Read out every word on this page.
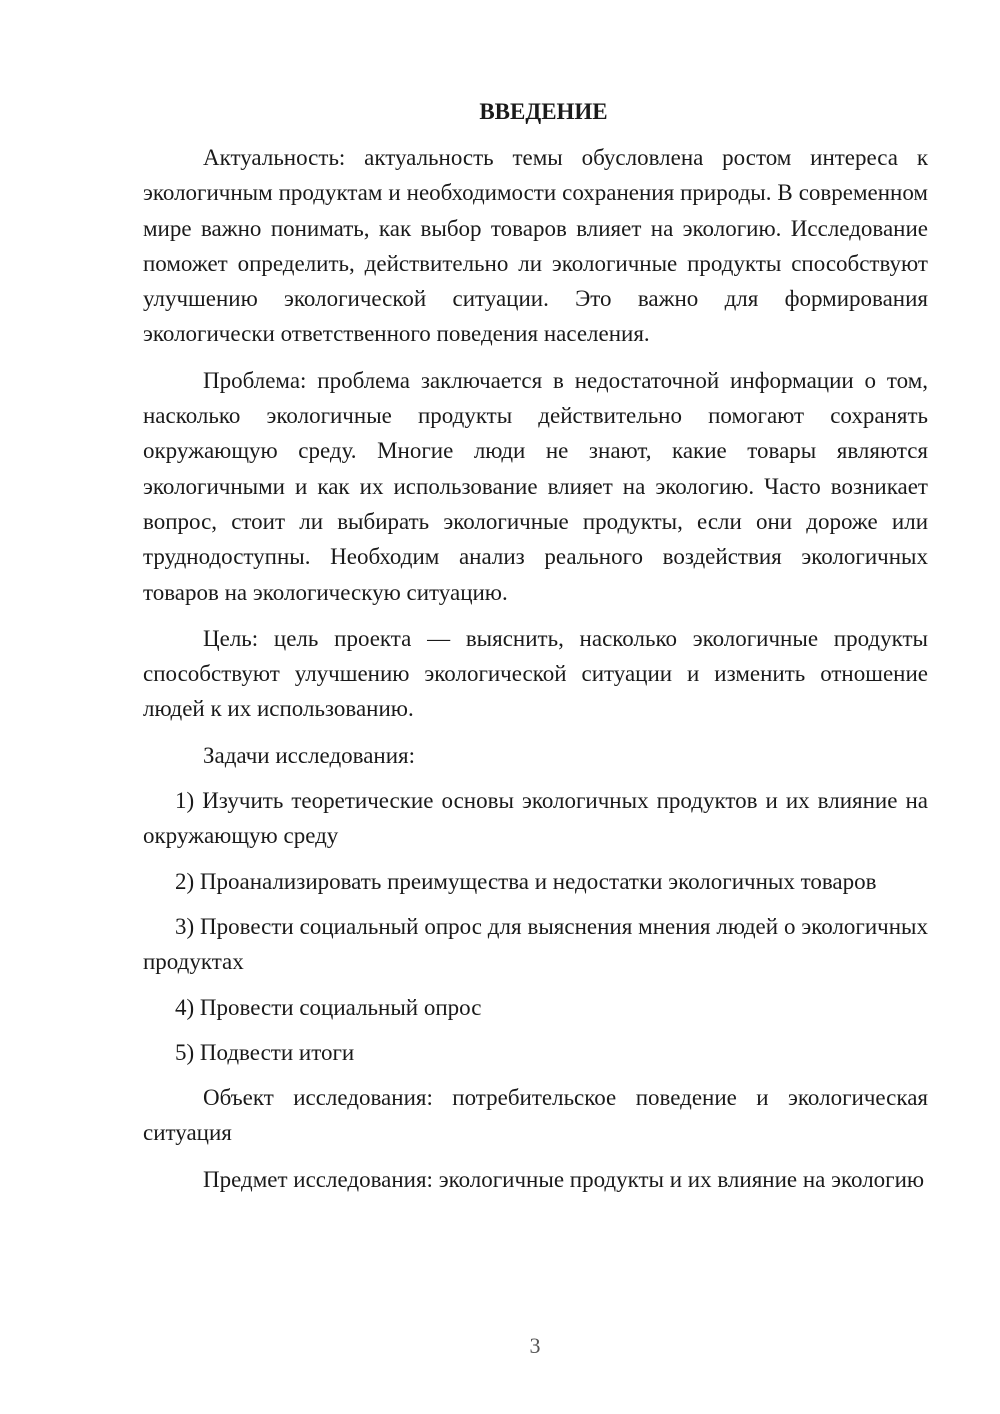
ВВЕДЕНИЕ

Актуальность: актуальность темы обусловлена ростом интереса к экологичным продуктам и необходимости сохранения природы. В современном мире важно понимать, как выбор товаров влияет на экологию. Исследование поможет определить, действительно ли экологичные продукты способствуют улучшению экологической ситуации. Это важно для формирования экологически ответственного поведения населения.

Проблема: проблема заключается в недостаточной информации о том, насколько экологичные продукты действительно помогают сохранять окружающую среду. Многие люди не знают, какие товары являются экологичными и как их использование влияет на экологию. Часто возникает вопрос, стоит ли выбирать экологичные продукты, если они дороже или труднодоступны. Необходим анализ реального воздействия экологичных товаров на экологическую ситуацию.

Цель: цель проекта — выяснить, насколько экологичные продукты способствуют улучшению экологической ситуации и изменить отношение людей к их использованию.

Задачи исследования:

1) Изучить теоретические основы экологичных продуктов и их влияние на окружающую среду

2) Проанализировать преимущества и недостатки экологичных товаров

3) Провести социальный опрос для выяснения мнения людей о экологичных продуктах

4) Провести социальный опрос

5) Подвести итоги

Объект исследования: потребительское поведение и экологическая ситуация

Предмет исследования: экологичные продукты и их влияние на экологию

3
